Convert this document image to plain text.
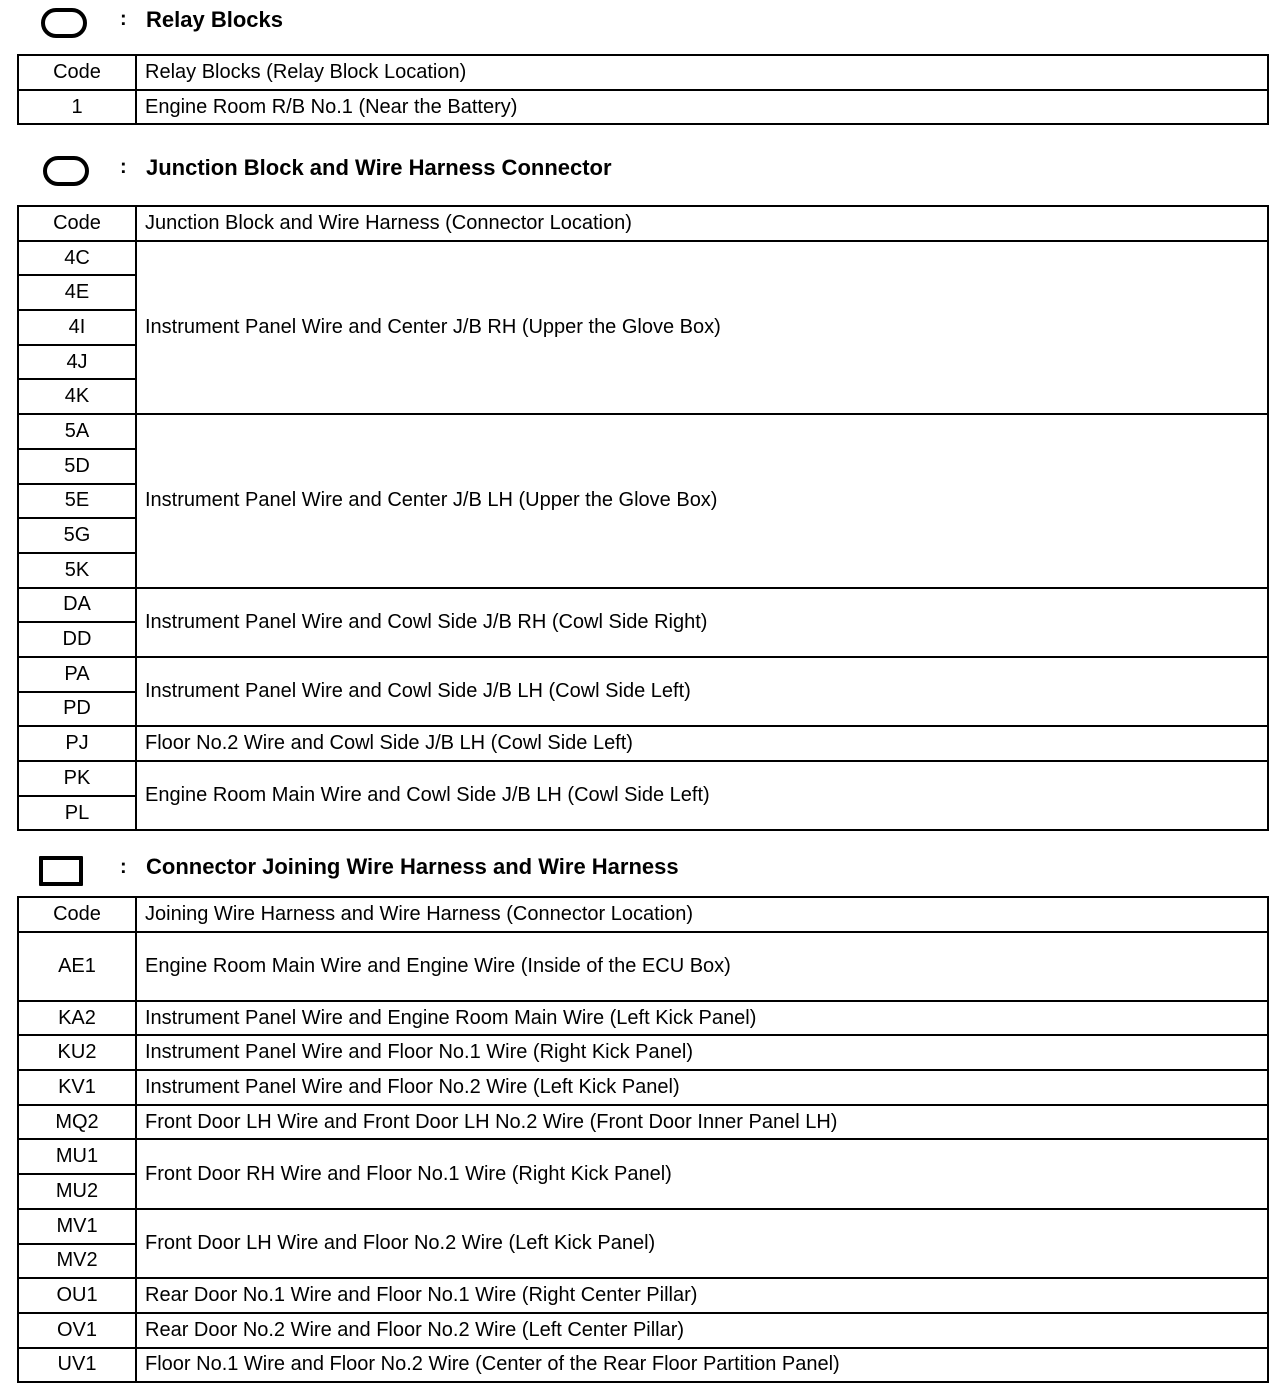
: Relay Blocks
Code	Relay Blocks (Relay Block Location)
1	Engine Room R/B No.1 (Near the Battery)
: Junction Block and Wire Harness Connector
Code	Junction Block and Wire Harness (Connector Location)
4C	Instrument Panel Wire and Center J/B RH (Upper the Glove Box)
4E	
4I	
4J	
4K	
5A	Instrument Panel Wire and Center J/B LH (Upper the Glove Box)
5D	
5E	
5G	
5K	
DA	Instrument Panel Wire and Cowl Side J/B RH (Cowl Side Right)
DD	
PA	Instrument Panel Wire and Cowl Side J/B LH (Cowl Side Left)
PD	
PJ	Floor No.2 Wire and Cowl Side J/B LH (Cowl Side Left)
PK	Engine Room Main Wire and Cowl Side J/B LH (Cowl Side Left)
PL	
: Connector Joining Wire Harness and Wire Harness
Code	Joining Wire Harness and Wire Harness (Connector Location)
AE1	Engine Room Main Wire and Engine Wire (Inside of the ECU Box)
KA2	Instrument Panel Wire and Engine Room Main Wire (Left Kick Panel)
KU2	Instrument Panel Wire and Floor No.1 Wire (Right Kick Panel)
KV1	Instrument Panel Wire and Floor No.2 Wire (Left Kick Panel)
MQ2	Front Door LH Wire and Front Door LH No.2 Wire (Front Door Inner Panel LH)
MU1	Front Door RH Wire and Floor No.1 Wire (Right Kick Panel)
MU2	
MV1	Front Door LH Wire and Floor No.2 Wire (Left Kick Panel)
MV2	
OU1	Rear Door No.1 Wire and Floor No.1 Wire (Right Center Pillar)
OV1	Rear Door No.2 Wire and Floor No.2 Wire (Left Center Pillar)
UV1	Floor No.1 Wire and Floor No.2 Wire (Center of the Rear Floor Partition Panel)
